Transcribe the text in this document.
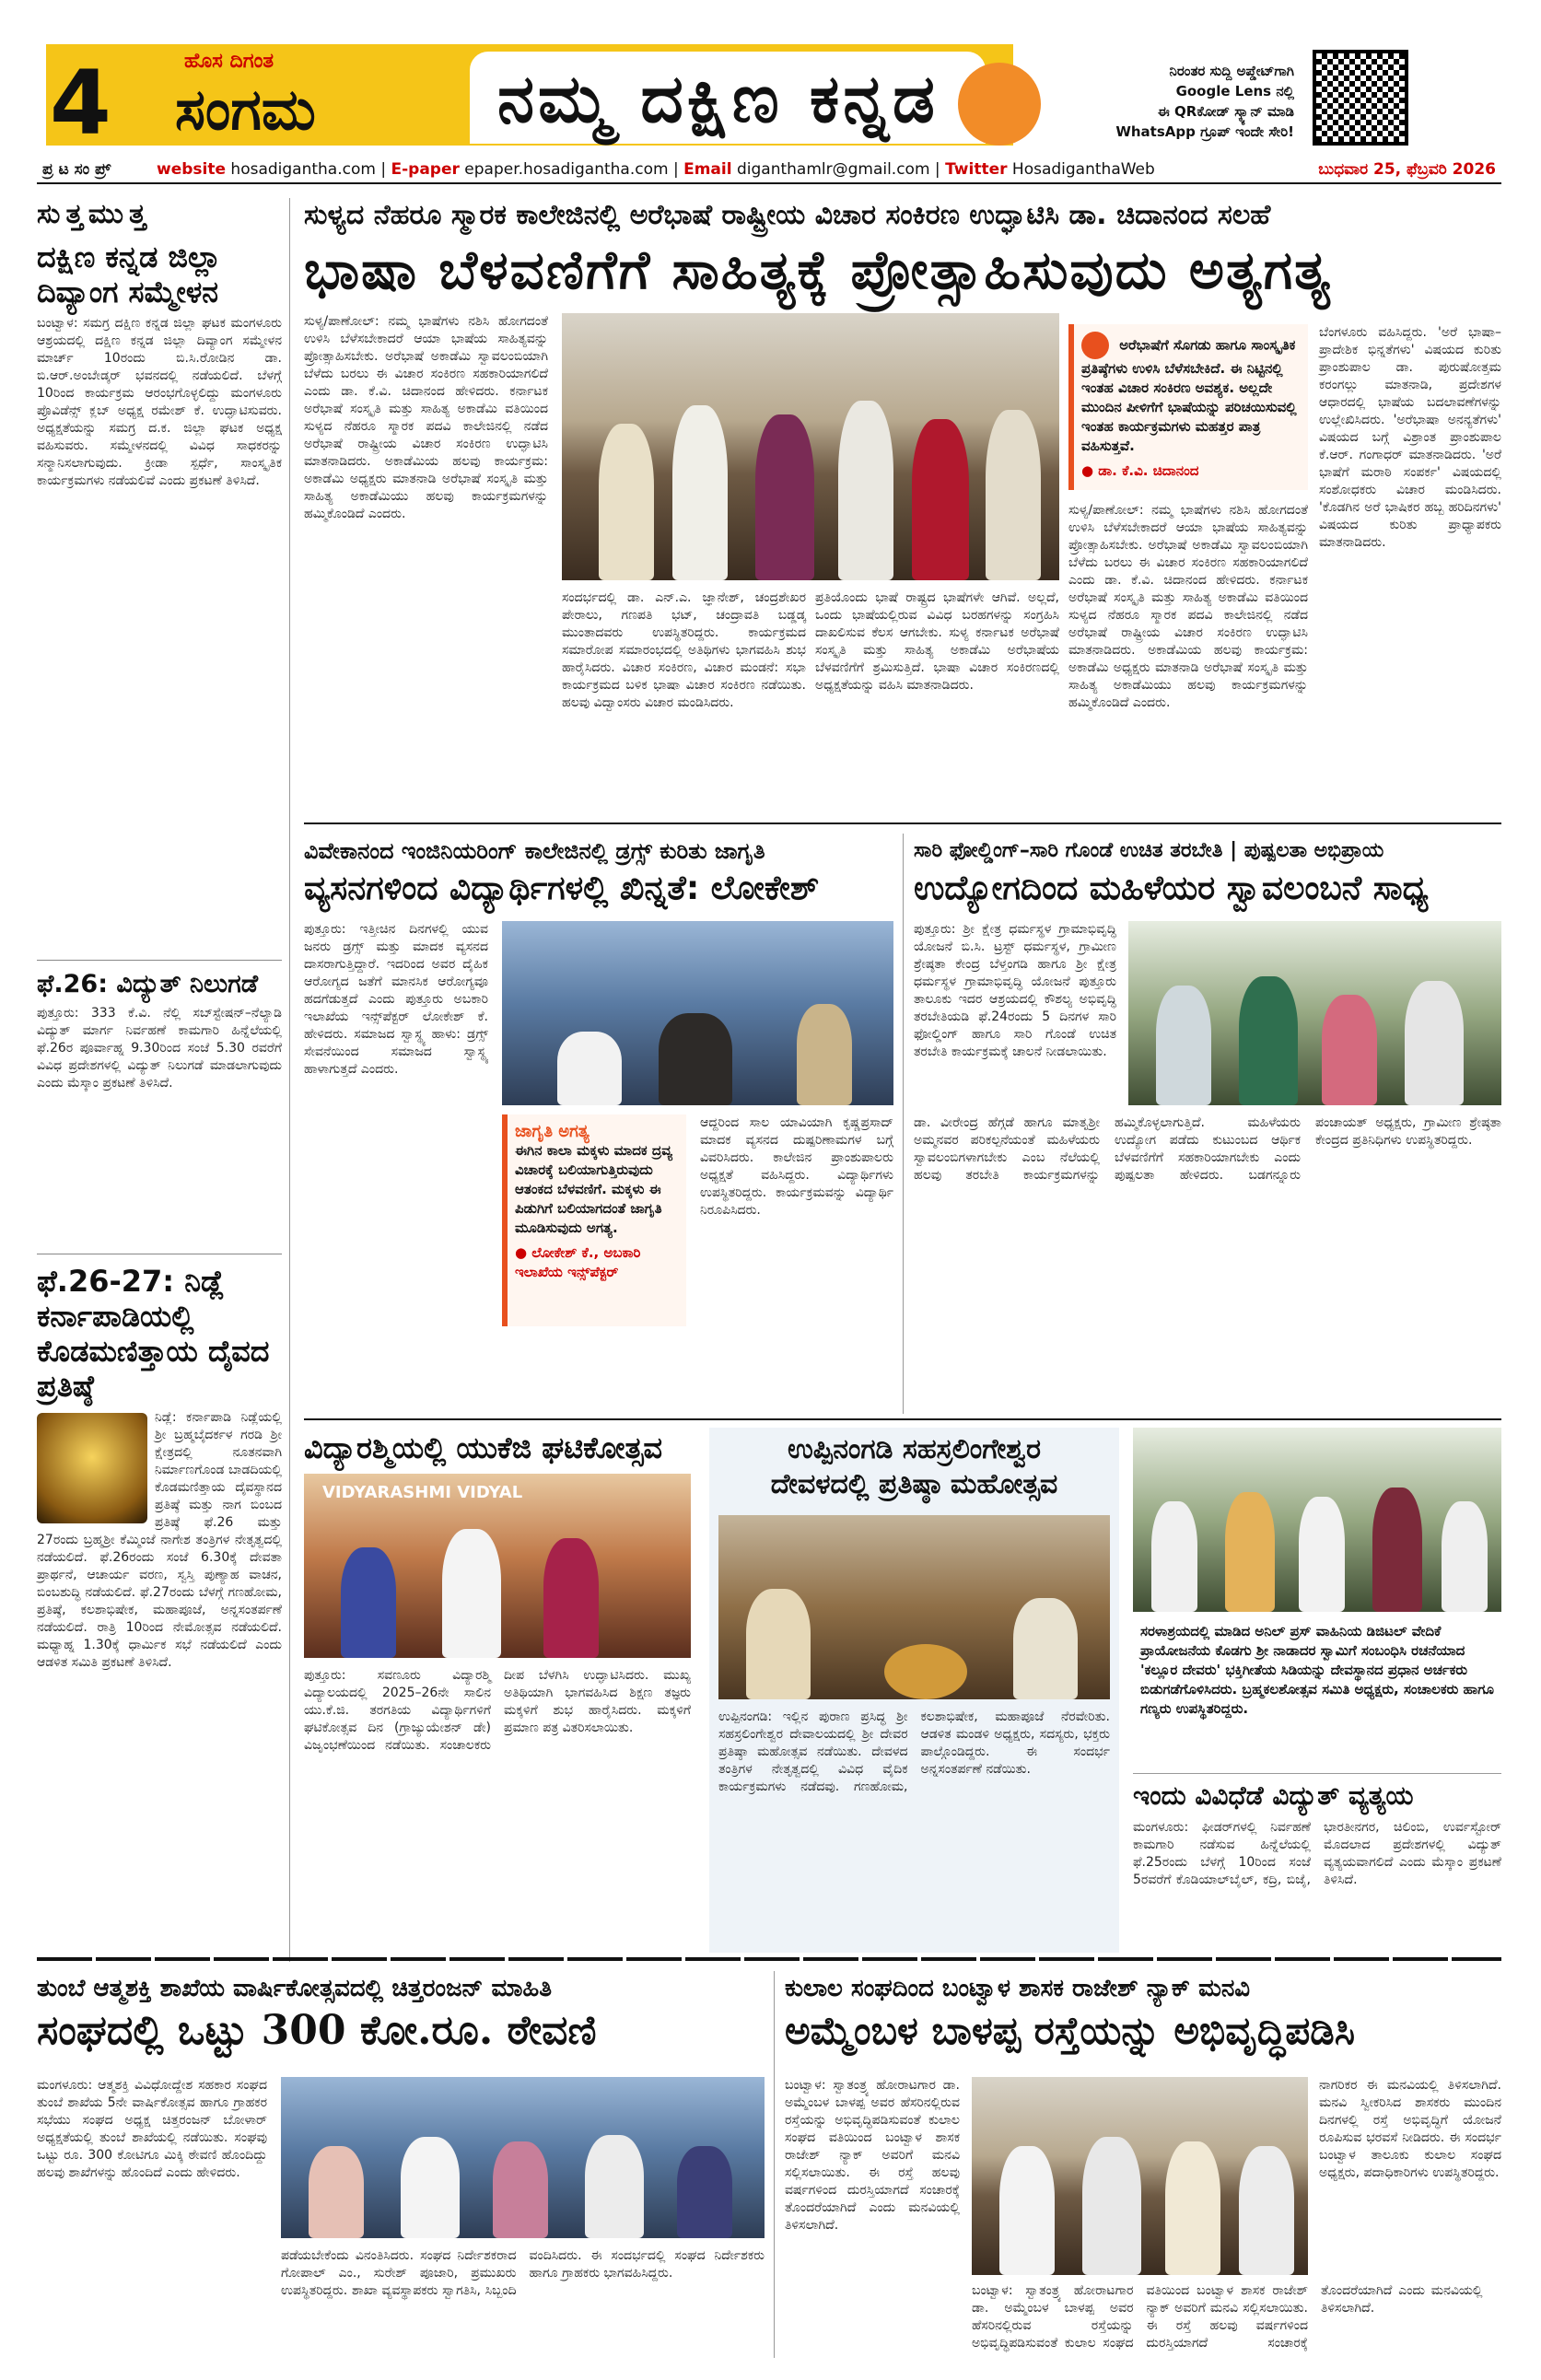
4	ಹೊಸ ದಿಗಂತ
ಸಂಗಮ	ನಮ್ಮ ದಕ್ಷಿಣ ಕನ್ನಡ	ನಿರಂತರ ಸುದ್ದಿ ಅಪ್ಡೇಟ್‌ಗಾಗಿ
Google Lens ನಲ್ಲಿ
ಈ QRಕೋಡ್ ಸ್ಕ್ಯಾನ್ ಮಾಡಿ
WhatsApp ಗ್ರೂಪ್ ಇಂದೇ ಸೇರಿ!
ಪ್ರ ಟ ಸಂ ಪ್ರ್	website hosadigantha.com | E-paper epaper.hosadigantha.com | Email diganthamlr@gmail.com | Twitter HosadiganthaWeb	ಬುಧವಾರ 25, ಫೆಬ್ರವರಿ 2026
ಸುತ್ತಮುತ್ತ
ದಕ್ಷಿಣ ಕನ್ನಡ ಜಿಲ್ಲಾ ದಿವ್ಯಾಂಗ ಸಮ್ಮೇಳನ
ಬಂಟ್ವಾಳ: ಸಮಗ್ರ ದಕ್ಷಿಣ ಕನ್ನಡ ಜಿಲ್ಲಾ ಘಟಕ ಮಂಗಳೂರು ಆಶ್ರಯದಲ್ಲಿ ದಕ್ಷಿಣ ಕನ್ನಡ ಜಿಲ್ಲಾ ದಿವ್ಯಾಂಗ ಸಮ್ಮೇಳನ ಮಾರ್ಚ್ 10ರಂದು ಬಿ.ಸಿ.ರೋಡಿನ ಡಾ. ಬಿ.ಆರ್.ಅಂಬೇಡ್ಕರ್ ಭವನದಲ್ಲಿ ನಡೆಯಲಿದೆ. ಬೆಳಗ್ಗೆ 10ರಿಂದ ಕಾರ್ಯಕ್ರಮ ಆರಂಭಗೊಳ್ಳಲಿದ್ದು ಮಂಗಳೂರು ಪ್ರೊವಿಡೆನ್ಸ್ ಕ್ಲಬ್ ಅಧ್ಯಕ್ಷ ರಮೇಶ್ ಕೆ. ಉದ್ಘಾಟಿಸುವರು. ಅಧ್ಯಕ್ಷತೆಯನ್ನು ಸಮಗ್ರ ದ.ಕ. ಜಿಲ್ಲಾ ಘಟಕ ಅಧ್ಯಕ್ಷ ವಹಿಸುವರು. ಸಮ್ಮೇಳನದಲ್ಲಿ ವಿವಿಧ ಸಾಧಕರನ್ನು ಸನ್ಮಾನಿಸಲಾಗುವುದು. ಕ್ರೀಡಾ ಸ್ಪರ್ಧೆ, ಸಾಂಸ್ಕೃತಿಕ ಕಾರ್ಯಕ್ರಮಗಳು ನಡೆಯಲಿವೆ ಎಂದು ಪ್ರಕಟಣೆ ತಿಳಿಸಿದೆ.
ಫೆ.26: ವಿದ್ಯುತ್ ನಿಲುಗಡೆ
ಪುತ್ತೂರು: 333 ಕೆ.ವಿ. ನೆಲ್ಲಿ ಸಬ್‌ಸ್ಟೇಷನ್–ನೆಲ್ಯಾಡಿ ವಿದ್ಯುತ್ ಮಾರ್ಗ ನಿರ್ವಹಣೆ ಕಾಮಗಾರಿ ಹಿನ್ನೆಲೆಯಲ್ಲಿ ಫೆ.26ರ ಪೂರ್ವಾಹ್ನ 9.30ರಿಂದ ಸಂಜೆ 5.30 ರವರೆಗೆ ವಿವಿಧ ಪ್ರದೇಶಗಳಲ್ಲಿ ವಿದ್ಯುತ್ ನಿಲುಗಡೆ ಮಾಡಲಾಗುವುದು ಎಂದು ಮೆಸ್ಕಾಂ ಪ್ರಕಟಣೆ ತಿಳಿಸಿದೆ.
ಫೆ.26-27: ನಿಡ್ಲೆ ಕರ್ನಾಪಾಡಿಯಲ್ಲಿ ಕೊಡಮಣಿತ್ತಾಯ ದೈವದ ಪ್ರತಿಷ್ಠೆ
ನಿಡ್ಲೆ: ಕರ್ನಾಪಾಡಿ ನಿಡ್ಲೆಯಲ್ಲಿ ಶ್ರೀ ಬ್ರಹ್ಮಬೈದರ್ಕಳ ಗರಡಿ ಶ್ರೀ ಕ್ಷೇತ್ರದಲ್ಲಿ ನೂತನವಾಗಿ ನಿರ್ಮಾಣಗೊಂಡ ಬಾಡದಿಯಲ್ಲಿ ಕೊಡಮಣಿತ್ತಾಯ ದೈವಸ್ಥಾನದ ಪ್ರತಿಷ್ಠೆ ಮತ್ತು ನಾಗ ಬಿಂಬದ ಪ್ರತಿಷ್ಠೆ ಫೆ.26 ಮತ್ತು 27ರಂದು ಬ್ರಹ್ಮಶ್ರೀ ಕೆಮ್ಮಿಂಜೆ ನಾಗೇಶ ತಂತ್ರಿಗಳ ನೇತೃತ್ವದಲ್ಲಿ ನಡೆಯಲಿದೆ. ಫೆ.26ರಂದು ಸಂಜೆ 6.30ಕ್ಕೆ ದೇವತಾ ಪ್ರಾರ್ಥನೆ, ಆಚಾರ್ಯ ವರಣ, ಸ್ವಸ್ತಿ ಪುಣ್ಯಾಹ ವಾಚನ, ಬಿಂಬಶುದ್ಧಿ ನಡೆಯಲಿದೆ. ಫೆ.27ರಂದು ಬೆಳಗ್ಗೆ ಗಣಹೋಮ, ಪ್ರತಿಷ್ಠೆ, ಕಲಶಾಭಿಷೇಕ, ಮಹಾಪೂಜೆ, ಅನ್ನಸಂತರ್ಪಣೆ ನಡೆಯಲಿದೆ. ರಾತ್ರಿ 10ರಿಂದ ನೇಮೋತ್ಸವ ನಡೆಯಲಿದೆ. ಮಧ್ಯಾಹ್ನ 1.30ಕ್ಕೆ ಧಾರ್ಮಿಕ ಸಭೆ ನಡೆಯಲಿದೆ ಎಂದು ಆಡಳಿತ ಸಮಿತಿ ಪ್ರಕಟಣೆ ತಿಳಿಸಿದೆ.
ಸುಳ್ಯದ ನೆಹರೂ ಸ್ಮಾರಕ ಕಾಲೇಜಿನಲ್ಲಿ ಅರೆಭಾಷೆ ರಾಷ್ಟ್ರೀಯ ವಿಚಾರ ಸಂಕಿರಣ ಉದ್ಘಾಟಿಸಿ ಡಾ. ಚಿದಾನಂದ ಸಲಹೆ
ಭಾಷಾ ಬೆಳವಣಿಗೆಗೆ ಸಾಹಿತ್ಯಕ್ಕೆ ಪ್ರೋತ್ಸಾಹಿಸುವುದು ಅತ್ಯಗತ್ಯ
ಸುಳ್ಯ/ಪಾಣೋಲ್: ನಮ್ಮ ಭಾಷೆಗಳು ನಶಿಸಿ ಹೋಗದಂತೆ ಉಳಿಸಿ ಬೆಳೆಸಬೇಕಾದರೆ ಆಯಾ ಭಾಷೆಯ ಸಾಹಿತ್ಯವನ್ನು ಪ್ರೋತ್ಸಾಹಿಸಬೇಕು. ಅರೆಭಾಷೆ ಅಕಾಡೆಮಿ ಸ್ವಾವಲಂಬಿಯಾಗಿ ಬೆಳೆದು ಬರಲು ಈ ವಿಚಾರ ಸಂಕಿರಣ ಸಹಕಾರಿಯಾಗಲಿದೆ ಎಂದು ಡಾ. ಕೆ.ವಿ. ಚಿದಾನಂದ ಹೇಳಿದರು. ಕರ್ನಾಟಕ ಅರೆಭಾಷೆ ಸಂಸ್ಕೃತಿ ಮತ್ತು ಸಾಹಿತ್ಯ ಅಕಾಡೆಮಿ ವತಿಯಿಂದ ಸುಳ್ಯದ ನೆಹರೂ ಸ್ಮಾರಕ ಪದವಿ ಕಾಲೇಜಿನಲ್ಲಿ ನಡೆದ ಅರೆಭಾಷೆ ರಾಷ್ಟ್ರೀಯ ವಿಚಾರ ಸಂಕಿರಣ ಉದ್ಘಾಟಿಸಿ ಮಾತನಾಡಿದರು. ಅಕಾಡೆಮಿಯ ಹಲವು ಕಾರ್ಯಕ್ರಮ: ಅಕಾಡೆಮಿ ಅಧ್ಯಕ್ಷರು ಮಾತನಾಡಿ ಅರೆಭಾಷೆ ಸಂಸ್ಕೃತಿ ಮತ್ತು ಸಾಹಿತ್ಯ ಅಕಾಡೆಮಿಯು ಹಲವು ಕಾರ್ಯಕ್ರಮಗಳನ್ನು ಹಮ್ಮಿಕೊಂಡಿದೆ ಎಂದರು.
ಸಂದರ್ಭದಲ್ಲಿ ಡಾ. ಎನ್.ಎ. ಜ್ಞಾನೇಶ್, ಚಂದ್ರಶೇಖರ ಪೇರಾಲು, ಗಣಪತಿ ಭಟ್, ಚಂದ್ರಾವತಿ ಬಡ್ಡಡ್ಕ ಮುಂತಾದವರು ಉಪಸ್ಥಿತರಿದ್ದರು. ಕಾರ್ಯಕ್ರಮದ ಸಮಾರೋಪ ಸಮಾರಂಭದಲ್ಲಿ ಅತಿಥಿಗಳು ಭಾಗವಹಿಸಿ ಶುಭ ಹಾರೈಸಿದರು. ವಿಚಾರ ಸಂಕಿರಣ, ವಿಚಾರ ಮಂಡನೆ: ಸಭಾ ಕಾರ್ಯಕ್ರಮದ ಬಳಿಕ ಭಾಷಾ ವಿಚಾರ ಸಂಕಿರಣ ನಡೆಯಿತು. ಹಲವು ವಿದ್ವಾಂಸರು ವಿಚಾರ ಮಂಡಿಸಿದರು.
ಪ್ರತಿಯೊಂದು ಭಾಷೆ ರಾಷ್ಟ್ರದ ಭಾಷೆಗಳೇ ಆಗಿವೆ. ಅಲ್ಲದೆ, ಒಂದು ಭಾಷೆಯಲ್ಲಿರುವ ವಿವಿಧ ಬರಹಗಳನ್ನು ಸಂಗ್ರಹಿಸಿ ದಾಖಲಿಸುವ ಕೆಲಸ ಆಗಬೇಕು. ಸುಳ್ಯ ಕರ್ನಾಟಕ ಅರೆಭಾಷೆ ಸಂಸ್ಕೃತಿ ಮತ್ತು ಸಾಹಿತ್ಯ ಅಕಾಡೆಮಿ ಅರೆಭಾಷೆಯ ಬೆಳವಣಿಗೆಗೆ ಶ್ರಮಿಸುತ್ತಿದೆ. ಭಾಷಾ ವಿಚಾರ ಸಂಕಿರಣದಲ್ಲಿ ಅಧ್ಯಕ್ಷತೆಯನ್ನು ವಹಿಸಿ ಮಾತನಾಡಿದರು.
ಅರೆಭಾಷೆಗೆ ಸೊಗಡು ಹಾಗೂ ಸಾಂಸ್ಕೃತಿಕ ಪ್ರತಿಷ್ಠೆಗಳು ಉಳಿಸಿ ಬೆಳೆಸಬೇಕಿದೆ. ಈ ನಿಟ್ಟಿನಲ್ಲಿ ಇಂತಹ ವಿಚಾರ ಸಂಕಿರಣ ಅವಶ್ಯಕ. ಅಲ್ಲದೇ ಮುಂದಿನ ಪೀಳಿಗೆಗೆ ಭಾಷೆಯನ್ನು ಪರಿಚಯಿಸುವಲ್ಲಿ ಇಂತಹ ಕಾರ್ಯಕ್ರಮಗಳು ಮಹತ್ತರ ಪಾತ್ರ ವಹಿಸುತ್ತವೆ.
● ಡಾ. ಕೆ.ವಿ. ಚಿದಾನಂದ
ಸುಳ್ಯ/ಪಾಣೋಲ್: ನಮ್ಮ ಭಾಷೆಗಳು ನಶಿಸಿ ಹೋಗದಂತೆ ಉಳಿಸಿ ಬೆಳೆಸಬೇಕಾದರೆ ಆಯಾ ಭಾಷೆಯ ಸಾಹಿತ್ಯವನ್ನು ಪ್ರೋತ್ಸಾಹಿಸಬೇಕು. ಅರೆಭಾಷೆ ಅಕಾಡೆಮಿ ಸ್ವಾವಲಂಬಿಯಾಗಿ ಬೆಳೆದು ಬರಲು ಈ ವಿಚಾರ ಸಂಕಿರಣ ಸಹಕಾರಿಯಾಗಲಿದೆ ಎಂದು ಡಾ. ಕೆ.ವಿ. ಚಿದಾನಂದ ಹೇಳಿದರು. ಕರ್ನಾಟಕ ಅರೆಭಾಷೆ ಸಂಸ್ಕೃತಿ ಮತ್ತು ಸಾಹಿತ್ಯ ಅಕಾಡೆಮಿ ವತಿಯಿಂದ ಸುಳ್ಯದ ನೆಹರೂ ಸ್ಮಾರಕ ಪದವಿ ಕಾಲೇಜಿನಲ್ಲಿ ನಡೆದ ಅರೆಭಾಷೆ ರಾಷ್ಟ್ರೀಯ ವಿಚಾರ ಸಂಕಿರಣ ಉದ್ಘಾಟಿಸಿ ಮಾತನಾಡಿದರು. ಅಕಾಡೆಮಿಯ ಹಲವು ಕಾರ್ಯಕ್ರಮ: ಅಕಾಡೆಮಿ ಅಧ್ಯಕ್ಷರು ಮಾತನಾಡಿ ಅರೆಭಾಷೆ ಸಂಸ್ಕೃತಿ ಮತ್ತು ಸಾಹಿತ್ಯ ಅಕಾಡೆಮಿಯು ಹಲವು ಕಾರ್ಯಕ್ರಮಗಳನ್ನು ಹಮ್ಮಿಕೊಂಡಿದೆ ಎಂದರು.
ಬೆಂಗಳೂರು ವಹಿಸಿದ್ದರು. 'ಅರೆ ಭಾಷಾ–ಪ್ರಾದೇಶಿಕ ಭಿನ್ನತೆಗಳು' ವಿಷಯದ ಕುರಿತು ಪ್ರಾಂಶುಪಾಲ ಡಾ. ಪುರುಷೋತ್ತಮ ಕರಂಗಲ್ಲು ಮಾತನಾಡಿ, ಪ್ರದೇಶಗಳ ಆಧಾರದಲ್ಲಿ ಭಾಷೆಯ ಬದಲಾವಣೆಗಳನ್ನು ಉಲ್ಲೇಖಿಸಿದರು. 'ಅರೆಭಾಷಾ ಅನನ್ಯತೆಗಳು' ವಿಷಯದ ಬಗ್ಗೆ ವಿಶ್ರಾಂತ ಪ್ರಾಂಶುಪಾಲ ಕೆ.ಆರ್. ಗಂಗಾಧರ್ ಮಾತನಾಡಿದರು. 'ಅರೆ ಭಾಷೆಗೆ ಮರಾಠಿ ಸಂಪರ್ಕ' ವಿಷಯದಲ್ಲಿ ಸಂಶೋಧಕರು ವಿಚಾರ ಮಂಡಿಸಿದರು. 'ಕೊಡಗಿನ ಅರೆ ಭಾಷಿಕರ ಹಬ್ಬ ಹರಿದಿನಗಳು' ವಿಷಯದ ಕುರಿತು ಪ್ರಾಧ್ಯಾಪಕರು ಮಾತನಾಡಿದರು.
ವಿವೇಕಾನಂದ ಇಂಜಿನಿಯರಿಂಗ್ ಕಾಲೇಜಿನಲ್ಲಿ ಡ್ರಗ್ಸ್ ಕುರಿತು ಜಾಗೃತಿ
ವ್ಯಸನಗಳಿಂದ ವಿದ್ಯಾರ್ಥಿಗಳಲ್ಲಿ ಖಿನ್ನತೆ: ಲೋಕೇಶ್
ಪುತ್ತೂರು: ಇತ್ತೀಚಿನ ದಿನಗಳಲ್ಲಿ ಯುವ ಜನರು ಡ್ರಗ್ಸ್ ಮತ್ತು ಮಾದಕ ವ್ಯಸನದ ದಾಸರಾಗುತ್ತಿದ್ದಾರೆ. ಇದರಿಂದ ಅವರ ದೈಹಿಕ ಆರೋಗ್ಯದ ಜತೆಗೆ ಮಾನಸಿಕ ಆರೋಗ್ಯವೂ ಹದಗೆಡುತ್ತದೆ ಎಂದು ಪುತ್ತೂರು ಅಬಕಾರಿ ಇಲಾಖೆಯ ಇನ್ಸ್‌ಪೆಕ್ಟರ್ ಲೋಕೇಶ್ ಕೆ. ಹೇಳಿದರು. ಸಮಾಜದ ಸ್ವಾಸ್ಥ್ಯ ಹಾಳು: ಡ್ರಗ್ಸ್ ಸೇವನೆಯಿಂದ ಸಮಾಜದ ಸ್ವಾಸ್ಥ್ಯ ಹಾಳಾಗುತ್ತದೆ ಎಂದರು.
ಜಾಗೃತಿ ಅಗತ್ಯ
ಈಗಿನ ಕಾಲಾ ಮಕ್ಕಳು ಮಾದಕ ದ್ರವ್ಯ ವಿಚಾರಕ್ಕೆ ಬಲಿಯಾಗುತ್ತಿರುವುದು ಆತಂಕದ ಬೆಳವಣಿಗೆ. ಮಕ್ಕಳು ಈ ಪಿಡುಗಿಗೆ ಬಲಿಯಾಗದಂತೆ ಜಾಗೃತಿ ಮೂಡಿಸುವುದು ಅಗತ್ಯ.
● ಲೋಕೇಶ್ ಕೆ., ಅಬಕಾರಿ ಇಲಾಖೆಯ ಇನ್ಸ್‌ಪೆಕ್ಟರ್
ಆದ್ದರಿಂದ ಸಾಲ ಯಾವಿಯಾಗಿ ಕೃಷ್ಣಪ್ರಸಾದ್ ಮಾದಕ ವ್ಯಸನದ ದುಷ್ಪರಿಣಾಮಗಳ ಬಗ್ಗೆ ವಿವರಿಸಿದರು. ಕಾಲೇಜಿನ ಪ್ರಾಂಶುಪಾಲರು ಅಧ್ಯಕ್ಷತೆ ವಹಿಸಿದ್ದರು. ವಿದ್ಯಾರ್ಥಿಗಳು ಉಪಸ್ಥಿತರಿದ್ದರು. ಕಾರ್ಯಕ್ರಮವನ್ನು ವಿದ್ಯಾರ್ಥಿ ನಿರೂಪಿಸಿದರು.
ಸಾರಿ ಫೋಲ್ಡಿಂಗ್–ಸಾರಿ ಗೊಂಡೆ ಉಚಿತ ತರಬೇತಿ | ಪುಷ್ಪಲತಾ ಅಭಿಪ್ರಾಯ
ಉದ್ಯೋಗದಿಂದ ಮಹಿಳೆಯರ ಸ್ವಾವಲಂಬನೆ ಸಾಧ್ಯ
ಪುತ್ತೂರು: ಶ್ರೀ ಕ್ಷೇತ್ರ ಧರ್ಮಸ್ಥಳ ಗ್ರಾಮಾಭಿವೃದ್ಧಿ ಯೋಜನೆ ಬಿ.ಸಿ. ಟ್ರಸ್ಟ್ ಧರ್ಮಸ್ಥಳ, ಗ್ರಾಮೀಣ ಶ್ರೇಷ್ಠತಾ ಕೇಂದ್ರ ಬೆಳ್ತಂಗಡಿ ಹಾಗೂ ಶ್ರೀ ಕ್ಷೇತ್ರ ಧರ್ಮಸ್ಥಳ ಗ್ರಾಮಾಭಿವೃದ್ಧಿ ಯೋಜನೆ ಪುತ್ತೂರು ತಾಲೂಕು ಇದರ ಆಶ್ರಯದಲ್ಲಿ ಕೌಶಲ್ಯ ಅಭಿವೃದ್ಧಿ ತರಬೇತಿಯಡಿ ಫೆ.24ರಂದು 5 ದಿನಗಳ ಸಾರಿ ಫೋಲ್ಡಿಂಗ್ ಹಾಗೂ ಸಾರಿ ಗೊಂಡೆ ಉಚಿತ ತರಬೇತಿ ಕಾರ್ಯಕ್ರಮಕ್ಕೆ ಚಾಲನೆ ನೀಡಲಾಯಿತು.
ಡಾ. ವೀರೇಂದ್ರ ಹೆಗ್ಗಡೆ ಹಾಗೂ ಮಾತೃಶ್ರೀ ಅಮ್ಮನವರ ಪರಿಕಲ್ಪನೆಯಂತೆ ಮಹಿಳೆಯರು ಸ್ವಾವಲಂಬಿಗಳಾಗಬೇಕು ಎಂಬ ನೆಲೆಯಲ್ಲಿ ಹಲವು ತರಬೇತಿ ಕಾರ್ಯಕ್ರಮಗಳನ್ನು ಹಮ್ಮಿಕೊಳ್ಳಲಾಗುತ್ತಿದೆ. ಮಹಿಳೆಯರು ಉದ್ಯೋಗ ಪಡೆದು ಕುಟುಂಬದ ಆರ್ಥಿಕ ಬೆಳವಣಿಗೆಗೆ ಸಹಕಾರಿಯಾಗಬೇಕು ಎಂದು ಪುಷ್ಪಲತಾ ಹೇಳಿದರು. ಬಡಗನ್ನೂರು ಪಂಚಾಯತ್ ಅಧ್ಯಕ್ಷರು, ಗ್ರಾಮೀಣ ಶ್ರೇಷ್ಠತಾ ಕೇಂದ್ರದ ಪ್ರತಿನಿಧಿಗಳು ಉಪಸ್ಥಿತರಿದ್ದರು.
ವಿದ್ಯಾರಶ್ಮಿಯಲ್ಲಿ ಯುಕೆಜಿ ಘಟಿಕೋತ್ಸವ
VIDYARASHMI VIDYAL
ಪುತ್ತೂರು: ಸವಣೂರು ವಿದ್ಯಾರಶ್ಮಿ ವಿದ್ಯಾಲಯದಲ್ಲಿ 2025–26ನೇ ಸಾಲಿನ ಯು.ಕೆ.ಜಿ. ತರಗತಿಯ ವಿದ್ಯಾರ್ಥಿಗಳಿಗೆ ಘಟಿಕೋತ್ಸವ ದಿನ (ಗ್ರಾಜ್ಯುಯೇಶನ್ ಡೇ) ವಿಜೃಂಭಣೆಯಿಂದ ನಡೆಯಿತು. ಸಂಚಾಲಕರು ದೀಪ ಬೆಳಗಿಸಿ ಉದ್ಘಾಟಿಸಿದರು. ಮುಖ್ಯ ಅತಿಥಿಯಾಗಿ ಭಾಗವಹಿಸಿದ ಶಿಕ್ಷಣ ತಜ್ಞರು ಮಕ್ಕಳಿಗೆ ಶುಭ ಹಾರೈಸಿದರು. ಮಕ್ಕಳಿಗೆ ಪ್ರಮಾಣ ಪತ್ರ ವಿತರಿಸಲಾಯಿತು.
ಉಪ್ಪಿನಂಗಡಿ ಸಹಸ್ರಲಿಂಗೇಶ್ವರ
ದೇವಳದಲ್ಲಿ ಪ್ರತಿಷ್ಠಾ ಮಹೋತ್ಸವ
ಉಪ್ಪಿನಂಗಡಿ: ಇಲ್ಲಿನ ಪುರಾಣ ಪ್ರಸಿದ್ಧ ಶ್ರೀ ಸಹಸ್ರಲಿಂಗೇಶ್ವರ ದೇವಾಲಯದಲ್ಲಿ ಶ್ರೀ ದೇವರ ಪ್ರತಿಷ್ಠಾ ಮಹೋತ್ಸವ ನಡೆಯಿತು. ದೇವಳದ ತಂತ್ರಿಗಳ ನೇತೃತ್ವದಲ್ಲಿ ವಿವಿಧ ವೈದಿಕ ಕಾರ್ಯಕ್ರಮಗಳು ನಡೆದವು. ಗಣಹೋಮ, ಕಲಶಾಭಿಷೇಕ, ಮಹಾಪೂಜೆ ನೆರವೇರಿತು. ಆಡಳಿತ ಮಂಡಳಿ ಅಧ್ಯಕ್ಷರು, ಸದಸ್ಯರು, ಭಕ್ತರು ಪಾಲ್ಗೊಂಡಿದ್ದರು. ಈ ಸಂದರ್ಭ ಅನ್ನಸಂತರ್ಪಣೆ ನಡೆಯಿತು.
ಸರಳಾಶ್ರಯದಲ್ಲಿ ಮಾಡಿದ ಅನಿಲ್ ಪ್ರಸ್ ವಾಹಿನಿಯ ಡಿಜಿಟಲ್ ವೇದಿಕೆ ಪ್ರಾಯೋಜನೆಯ ಕೊಡಗು ಶ್ರೀ ನಾಡಾದರ ಸ್ವಾಮಿಗೆ ಸಂಬಂಧಿಸಿ ರಚನೆಯಾದ 'ಕಲ್ಲೂರ ದೇವರು' ಭಕ್ತಿಗೀತೆಯ ಸಿಡಿಯನ್ನು ದೇವಸ್ಥಾನದ ಪ್ರಧಾನ ಅರ್ಚಕರು ಬಿಡುಗಡೆಗೊಳಿಸಿದರು. ಬ್ರಹ್ಮಕಲಶೋತ್ಸವ ಸಮಿತಿ ಅಧ್ಯಕ್ಷರು, ಸಂಚಾಲಕರು ಹಾಗೂ ಗಣ್ಯರು ಉಪಸ್ಥಿತರಿದ್ದರು.
ಇಂದು ವಿವಿಧೆಡೆ ವಿದ್ಯುತ್ ವ್ಯತ್ಯಯ
ಮಂಗಳೂರು: ಫೀಡರ್‌ಗಳಲ್ಲಿ ನಿರ್ವಹಣೆ ಕಾಮಗಾರಿ ನಡೆಸುವ ಹಿನ್ನೆಲೆಯಲ್ಲಿ ಫೆ.25ರಂದು ಬೆಳಗ್ಗೆ 10ರಿಂದ ಸಂಜೆ 5ರವರೆಗೆ ಕೊಡಿಯಾಲ್‌ಬೈಲ್, ಕದ್ರಿ, ಬಿಜೈ, ಭಾರತೀನಗರ, ಚಿಲಿಂಬಿ, ಉರ್ವಸ್ಟೋರ್ ಮೊದಲಾದ ಪ್ರದೇಶಗಳಲ್ಲಿ ವಿದ್ಯುತ್ ವ್ಯತ್ಯಯವಾಗಲಿದೆ ಎಂದು ಮೆಸ್ಕಾಂ ಪ್ರಕಟಣೆ ತಿಳಿಸಿದೆ.
ತುಂಬೆ ಆತ್ಮಶಕ್ತಿ ಶಾಖೆಯ ವಾರ್ಷಿಕೋತ್ಸವದಲ್ಲಿ ಚಿತ್ತರಂಜನ್ ಮಾಹಿತಿ
ಸಂಘದಲ್ಲಿ ಒಟ್ಟು 300 ಕೋ.ರೂ. ಠೇವಣಿ
ಮಂಗಳೂರು: ಆತ್ಮಶಕ್ತಿ ವಿವಿಧೋದ್ದೇಶ ಸಹಕಾರ ಸಂಘದ ತುಂಬೆ ಶಾಖೆಯ 5ನೇ ವಾರ್ಷಿಕೋತ್ಸವ ಹಾಗೂ ಗ್ರಾಹಕರ ಸಭೆಯು ಸಂಘದ ಅಧ್ಯಕ್ಷ ಚಿತ್ತರಂಜನ್ ಬೋಳಾರ್ ಅಧ್ಯಕ್ಷತೆಯಲ್ಲಿ ತುಂಬೆ ಶಾಖೆಯಲ್ಲಿ ನಡೆಯಿತು. ಸಂಘವು ಒಟ್ಟು ರೂ. 300 ಕೋಟಿಗೂ ಮಿಕ್ಕಿ ಠೇವಣಿ ಹೊಂದಿದ್ದು ಹಲವು ಶಾಖೆಗಳನ್ನು ಹೊಂದಿದೆ ಎಂದು ಹೇಳಿದರು.
ಪಡೆಯಬೇಕೆಂದು ವಿನಂತಿಸಿದರು. ಸಂಘದ ನಿರ್ದೇಶಕರಾದ ಗೋಪಾಲ್ ಎಂ., ಸುರೇಶ್ ಪೂಜಾರಿ, ಪ್ರಮುಖರು ಉಪಸ್ಥಿತರಿದ್ದರು. ಶಾಖಾ ವ್ಯವಸ್ಥಾಪಕರು ಸ್ವಾಗತಿಸಿ, ಸಿಬ್ಬಂದಿ ವಂದಿಸಿದರು. ಈ ಸಂದರ್ಭದಲ್ಲಿ ಸಂಘದ ನಿರ್ದೇಶಕರು ಹಾಗೂ ಗ್ರಾಹಕರು ಭಾಗವಹಿಸಿದ್ದರು.
ಕುಲಾಲ ಸಂಘದಿಂದ ಬಂಟ್ವಾಳ ಶಾಸಕ ರಾಜೇಶ್ ನ್ಯಾಕ್ ಮನವಿ
ಅಮ್ಮೆಂಬಳ ಬಾಳಪ್ಪ ರಸ್ತೆಯನ್ನು ಅಭಿವೃದ್ಧಿಪಡಿಸಿ
ಬಂಟ್ವಾಳ: ಸ್ವಾತಂತ್ರ್ಯ ಹೋರಾಟಗಾರ ಡಾ. ಅಮ್ಮೆಂಬಳ ಬಾಳಪ್ಪ ಅವರ ಹೆಸರಿನಲ್ಲಿರುವ ರಸ್ತೆಯನ್ನು ಅಭಿವೃದ್ಧಿಪಡಿಸುವಂತೆ ಕುಲಾಲ ಸಂಘದ ವತಿಯಿಂದ ಬಂಟ್ವಾಳ ಶಾಸಕ ರಾಜೇಶ್ ನ್ಯಾಕ್ ಅವರಿಗೆ ಮನವಿ ಸಲ್ಲಿಸಲಾಯಿತು. ಈ ರಸ್ತೆ ಹಲವು ವರ್ಷಗಳಿಂದ ದುರಸ್ತಿಯಾಗದೆ ಸಂಚಾರಕ್ಕೆ ತೊಂದರೆಯಾಗಿದೆ ಎಂದು ಮನವಿಯಲ್ಲಿ ತಿಳಿಸಲಾಗಿದೆ.
ಬಂಟ್ವಾಳ: ಸ್ವಾತಂತ್ರ್ಯ ಹೋರಾಟಗಾರ ಡಾ. ಅಮ್ಮೆಂಬಳ ಬಾಳಪ್ಪ ಅವರ ಹೆಸರಿನಲ್ಲಿರುವ ರಸ್ತೆಯನ್ನು ಅಭಿವೃದ್ಧಿಪಡಿಸುವಂತೆ ಕುಲಾಲ ಸಂಘದ ವತಿಯಿಂದ ಬಂಟ್ವಾಳ ಶಾಸಕ ರಾಜೇಶ್ ನ್ಯಾಕ್ ಅವರಿಗೆ ಮನವಿ ಸಲ್ಲಿಸಲಾಯಿತು. ಈ ರಸ್ತೆ ಹಲವು ವರ್ಷಗಳಿಂದ ದುರಸ್ತಿಯಾಗದೆ ಸಂಚಾರಕ್ಕೆ ತೊಂದರೆಯಾಗಿದೆ ಎಂದು ಮನವಿಯಲ್ಲಿ ತಿಳಿಸಲಾಗಿದೆ.
ನಾಗರಿಕರ ಈ ಮನವಿಯಲ್ಲಿ ತಿಳಿಸಲಾಗಿದೆ. ಮನವಿ ಸ್ವೀಕರಿಸಿದ ಶಾಸಕರು ಮುಂದಿನ ದಿನಗಳಲ್ಲಿ ರಸ್ತೆ ಅಭಿವೃದ್ಧಿಗೆ ಯೋಜನೆ ರೂಪಿಸುವ ಭರವಸೆ ನೀಡಿದರು. ಈ ಸಂದರ್ಭ ಬಂಟ್ವಾಳ ತಾಲೂಕು ಕುಲಾಲ ಸಂಘದ ಅಧ್ಯಕ್ಷರು, ಪದಾಧಿಕಾರಿಗಳು ಉಪಸ್ಥಿತರಿದ್ದರು.
